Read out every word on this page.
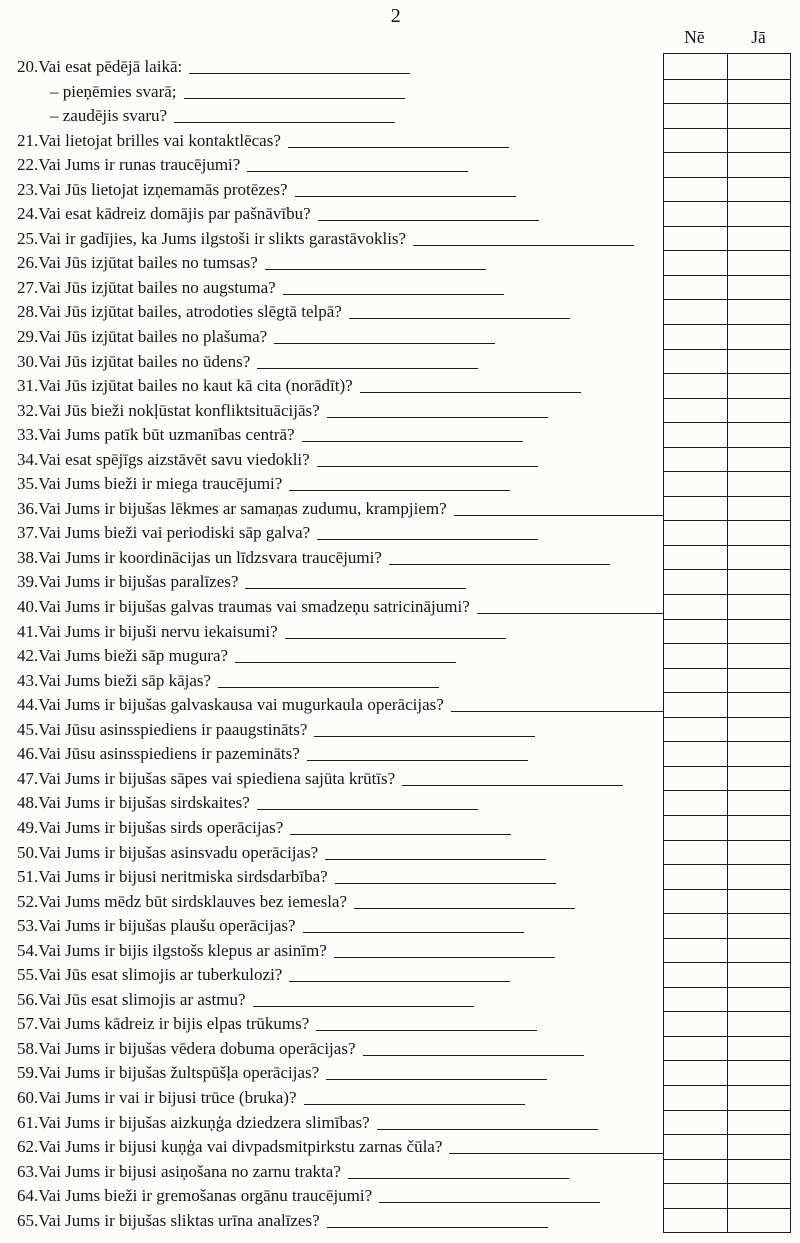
2
Nē	Jā
20.Vai esat pēdējā laikā:
– pieņēmies svarā;
– zaudējis svaru?
21.Vai lietojat brilles vai kontaktlēcas?
22.Vai Jums ir runas traucējumi?
23.Vai Jūs lietojat izņemamās protēzes?
24.Vai esat kādreiz domājis par pašnāvību?
25.Vai ir gadījies, ka Jums ilgstoši ir slikts garastāvoklis?
26.Vai Jūs izjūtat bailes no tumsas?
27.Vai Jūs izjūtat bailes no augstuma?
28.Vai Jūs izjūtat bailes, atrodoties slēgtā telpā?
29.Vai Jūs izjūtat bailes no plašuma?
30.Vai Jūs izjūtat bailes no ūdens?
31.Vai Jūs izjūtat bailes no kaut kā cita (norādīt)?
32.Vai Jūs bieži nokļūstat konfliktsituācijās?
33.Vai Jums patīk būt uzmanības centrā?
34.Vai esat spējīgs aizstāvēt savu viedokli?
35.Vai Jums bieži ir miega traucējumi?
36.Vai Jums ir bijušas lēkmes ar samaņas zudumu, krampjiem?
37.Vai Jums bieži vai periodiski sāp galva?
38.Vai Jums ir koordinācijas un līdzsvara traucējumi?
39.Vai Jums ir bijušas paralīzes?
40.Vai Jums ir bijušas galvas traumas vai smadzeņu satricinājumi?
41.Vai Jums ir bijuši nervu iekaisumi?
42.Vai Jums bieži sāp mugura?
43.Vai Jums bieži sāp kājas?
44.Vai Jums ir bijušas galvaskausa vai mugurkaula operācijas?
45.Vai Jūsu asinsspiediens ir paaugstināts?
46.Vai Jūsu asinsspiediens ir pazemināts?
47.Vai Jums ir bijušas sāpes vai spiediena sajūta krūtīs?
48.Vai Jums ir bijušas sirdskaites?
49.Vai Jums ir bijušas sirds operācijas?
50.Vai Jums ir bijušas asinsvadu operācijas?
51.Vai Jums ir bijusi neritmiska sirdsdarbība?
52.Vai Jums mēdz būt sirdsklauves bez iemesla?
53.Vai Jums ir bijušas plaušu operācijas?
54.Vai Jums ir bijis ilgstošs klepus ar asinīm?
55.Vai Jūs esat slimojis ar tuberkulozi?
56.Vai Jūs esat slimojis ar astmu?
57.Vai Jums kādreiz ir bijis elpas trūkums?
58.Vai Jums ir bijušas vēdera dobuma operācijas?
59.Vai Jums ir bijušas žultspūšļa operācijas?
60.Vai Jums ir vai ir bijusi trūce (bruka)?
61.Vai Jums ir bijušas aizkuņģa dziedzera slimības?
62.Vai Jums ir bijusi kuņģa vai divpadsmitpirkstu zarnas čūla?
63.Vai Jums ir bijusi asiņošana no zarnu trakta?
64.Vai Jums bieži ir gremošanas orgānu traucējumi?
65.Vai Jums ir bijušas sliktas urīna analīzes?
